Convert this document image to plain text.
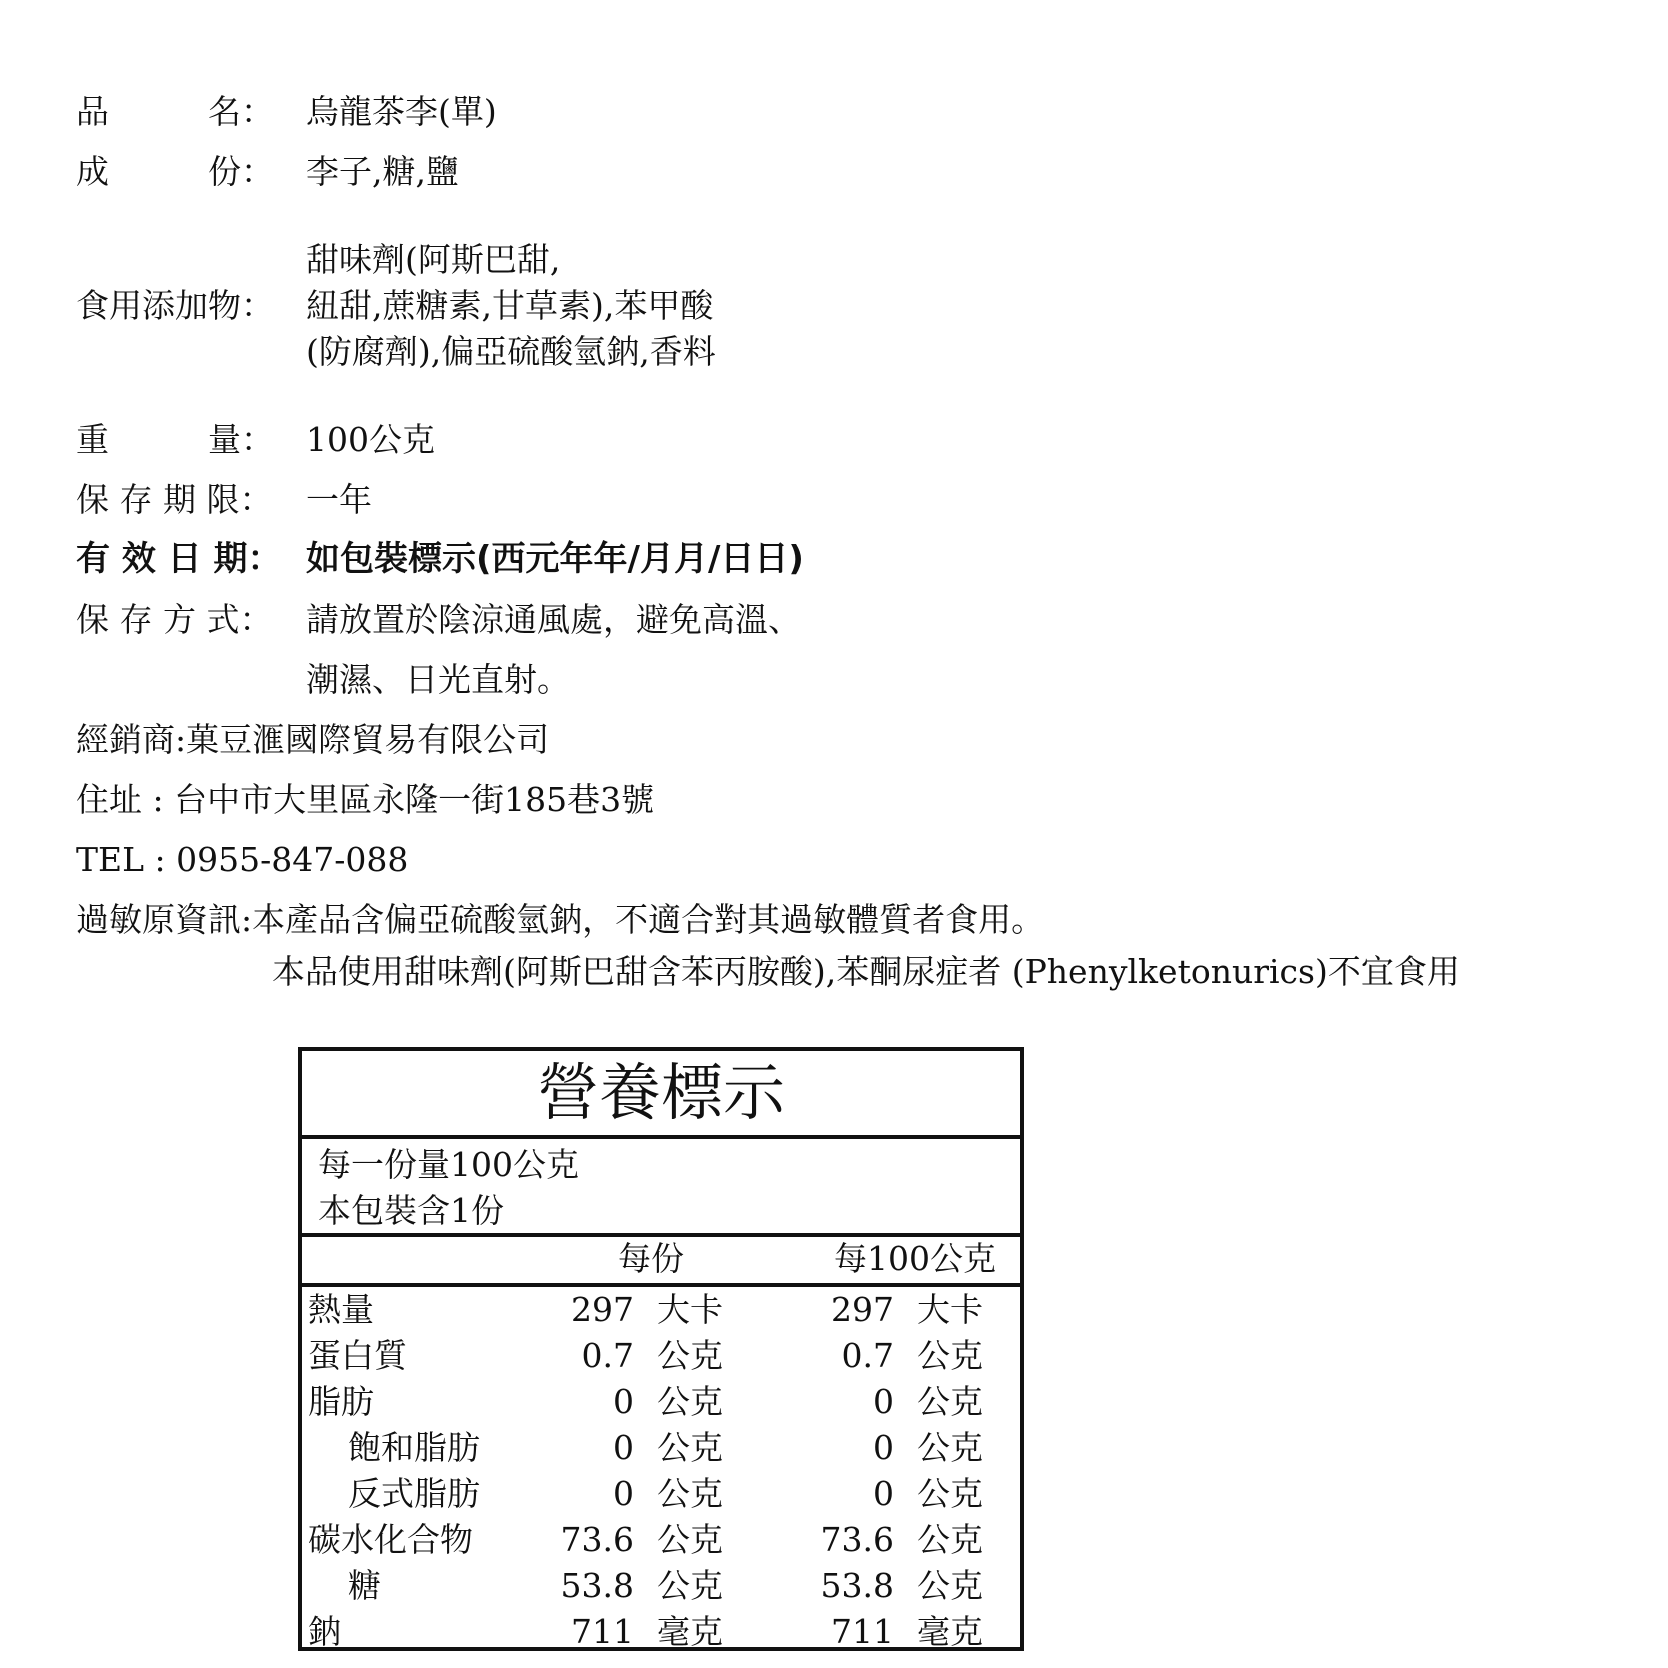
品　　　名： 烏龍茶李(單)
成　　　份： 李子,糖,鹽
甜味劑(阿斯巴甜,
食用添加物： 紐甜,蔗糖素,甘草素),苯甲酸
(防腐劑),偏亞硫酸氫鈉,香料
重　　　量： 100公克
保 存 期 限： 一年
有 效 日 期： 如包裝標示(西元年年/月月/日日)
保 存 方 式： 請放置於陰涼通風處，避免高溫、
潮濕、日光直射。
經銷商:菓豆滙國際貿易有限公司
住址 : 台中市大里區永隆一街185巷3號
TEL : 0955-847-088
過敏原資訊:本產品含偏亞硫酸氫鈉，不適合對其過敏體質者食用。
本品使用甜味劑(阿斯巴甜含苯丙胺酸),苯酮尿症者 (Phenylketonurics)不宜食用
營養標示
每一份量100公克
本包裝含1份
每份	每100公克
熱量	297 大卡	297 大卡
蛋白質	0.7 公克	0.7 公克
脂肪	0 公克	0 公克
飽和脂肪	0 公克	0 公克
反式脂肪	0 公克	0 公克
碳水化合物	73.6 公克	73.6 公克
糖	53.8 公克	53.8 公克
鈉	711 毫克	711 毫克
